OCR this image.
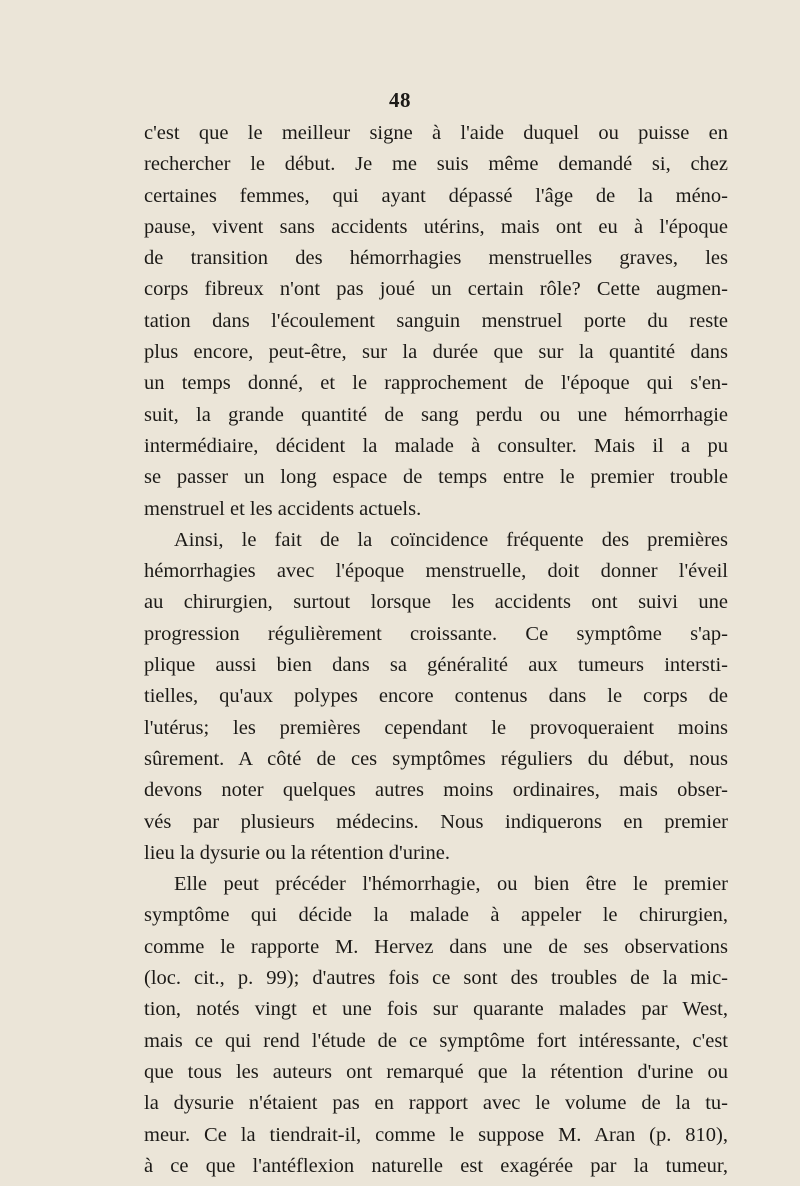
48
c'est que le meilleur signe à l'aide duquel ou puisse en
rechercher le début. Je me suis même demandé si, chez
certaines femmes, qui ayant dépassé l'âge de la méno-
pause, vivent sans accidents utérins, mais ont eu à l'époque
de transition des hémorrhagies menstruelles graves, les
corps fibreux n'ont pas joué un certain rôle? Cette augmen-
tation dans l'écoulement sanguin menstruel porte du reste
plus encore, peut-être, sur la durée que sur la quantité dans
un temps donné, et le rapprochement de l'époque qui s'en-
suit, la grande quantité de sang perdu ou une hémorrhagie
intermédiaire, décident la malade à consulter. Mais il a pu
se passer un long espace de temps entre le premier trouble
menstruel et les accidents actuels.
Ainsi, le fait de la coïncidence fréquente des premières
hémorrhagies avec l'époque menstruelle, doit donner l'éveil
au chirurgien, surtout lorsque les accidents ont suivi une
progression régulièrement croissante. Ce symptôme s'ap-
plique aussi bien dans sa généralité aux tumeurs intersti-
tielles, qu'aux polypes encore contenus dans le corps de
l'utérus; les premières cependant le provoqueraient moins
sûrement. A côté de ces symptômes réguliers du début, nous
devons noter quelques autres moins ordinaires, mais obser-
vés par plusieurs médecins. Nous indiquerons en premier
lieu la dysurie ou la rétention d'urine.
Elle peut précéder l'hémorrhagie, ou bien être le premier
symptôme qui décide la malade à appeler le chirurgien,
comme le rapporte M. Hervez dans une de ses observations
(loc. cit., p. 99); d'autres fois ce sont des troubles de la mic-
tion, notés vingt et une fois sur quarante malades par West,
mais ce qui rend l'étude de ce symptôme fort intéressante, c'est
que tous les auteurs ont remarqué que la rétention d'urine ou
la dysurie n'étaient pas en rapport avec le volume de la tu-
meur. Ce la tiendrait-il, comme le suppose M. Aran (p. 810),
à ce que l'antéflexion naturelle est exagérée par la tumeur,
